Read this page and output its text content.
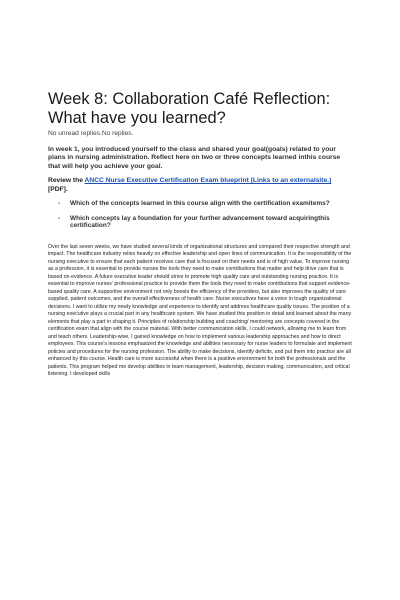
Week 8: Collaboration Café Reflection: What have you learned?
No unread replies.No replies.

In week 1, you introduced yourself to the class and shared your goal(goals) related to your plans in nursing administration. Reflect here on two or three concepts learned inthis course that will help you achieve your goal.

Review the ANCC Nurse Executive Certification Exam blueprint (Links to an externalsite.) [PDF].

- Which of the concepts learned in this course align with the certification examitems?
- Which concepts lay a foundation for your further advancement toward acquiringthis certification?

Over the last seven weeks, we have studied several kinds of organizational structures and compared their respective strength and impact. The healthcare industry relies heavily on effective leadership and open lines of communication. It is the responsibility of the nursing executive to ensure that each patient receives care that is focused on their needs and is of high value. To improve nursing as a profession, it is essential to provide nurses the tools they need to make contributions that matter and help drive care that is based on evidence. A future executive leader should strive to promote high quality care and outstanding nursing practice. It is essential to improve nurses' professional practice to provide them the tools they need to make contributions that support evidence-based quality care. A supportive environment not only boosts the efficiency of the providers, but also improves the quality of care supplied, patient outcomes, and the overall effectiveness of health care. Nurse executives have a voice in tough organizational decisions. I want to utilize my newly knowledge and experience to identify and address healthcare quality issues. The position of a nursing executive plays a crucial part in any healthcare system. We have studied this position in detail and learned about the many elements that play a part in shaping it. Principles of relationship building and coaching/ mentoring are concepts covered in the certification exam that align with the course material. With better communication skills, I could network, allowing me to learn from and teach others. Leadership-wise, I gained knowledge on how to implement various leadership approaches and how to direct employees. This course's lessons emphasized the knowledge and abilities necessary for nurse leaders to formulate and implement policies and procedures for the nursing profession. The ability to make decisions, identify deficits, and put them into practice are all enhanced by this course. Health care is more successful when there is a positive environment for both the professionals and the patients. This program helped me develop abilities in team management, leadership, decision making, communication, and critical listening. I developed skills
